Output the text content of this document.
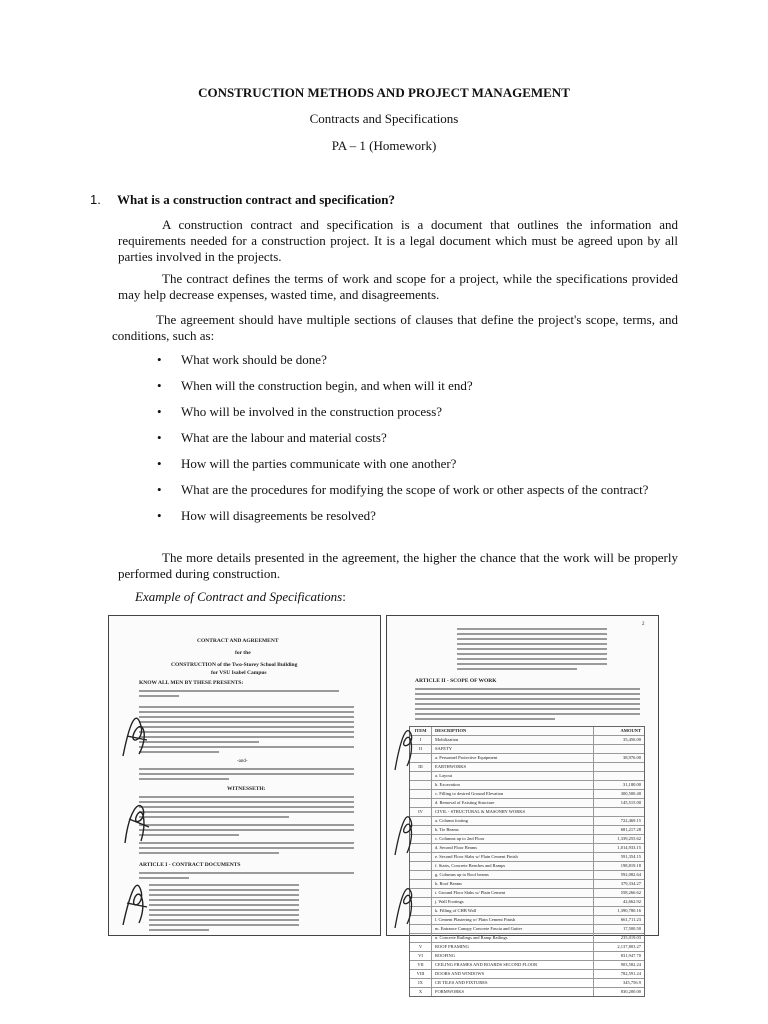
CONSTRUCTION METHODS AND PROJECT MANAGEMENT
Contracts and Specifications
PA – 1 (Homework)
1. What is a construction contract and specification?

A construction contract and specification is a document that outlines the information and requirements needed for a construction project. It is a legal document which must be agreed upon by all parties involved in the projects.

The contract defines the terms of work and scope for a project, while the specifications provided may help decrease expenses, wasted time, and disagreements.

The agreement should have multiple sections of clauses that define the project's scope, terms, and conditions, such as:

• What work should be done?
• When will the construction begin, and when will it end?
• Who will be involved in the construction process?
• What are the labour and material costs?
• How will the parties communicate with one another?
• What are the procedures for modifying the scope of work or other aspects of the contract?
• How will disagreements be resolved?

The more details presented in the agreement, the higher the chance that the work will be properly performed during construction.

Example of Contract and Specifications:
CONTRACT AND AGREEMENT
for the
CONSTRUCTION of the Two-Storey School Building
for VSU Isabel Campus
KNOW ALL MEN BY THESE PRESENTS:
-and-
WITNESSETH:
ARTICLE I - CONTRACT DOCUMENTS
2
ARTICLE II - SCOPE OF WORK
ITEM	DESCRIPTION	AMOUNT
I	Mobilization	35,456.00
II	SAFETY
a. Personnel Protective Equipment	38,976.00
III	EARTHWORKS
a. Layout
b. Excavation	31,180.00
c. Filling to desired Ground Elevation	300,500.40
d. Removal of Existing Structure	145,515.00
IV	CIVIL - STRUCTURAL & MASONRY WORKS
a. Column footing	722,469.15
b. Tie Beams	681,217.28
c. Columns up to 2nd Floor	1,339,255.62
d. Second Floor Beams	1,014,933.15
e. Second Floor Slabs w/ Plain Cement Finish	591,354.15
f. Stairs, Concrete Benches and Ramps	198,819.18
g. Columns up to Roof beams	592,082.64
h. Roof Beams	379,334.27
i. Ground Floor Slabs w/ Plain Cement	558,266.62
j. Wall Footings	42,662.92
k. Filling of CHB Wall	1,390,780.16
l. Cement Plastering w/ Plain Cement Finish	661,711.23
m. Entrance Canopy Concrete Fascia and Gutter	17,500.50
n. Concrete Railings and Ramp Railings	235,019.03
V	ROOF FRAMING	2,137,803.27
VI	ROOFING	831,947.70
VII	CEILING FRAMES AND BOARDS SECOND FLOOR	903,582.24
VIII	DOORS AND WINDOWS	782,591.24
IX	CR TILES AND FIXTURES	345,756.9
X	FORMWORKS	830,200.00
